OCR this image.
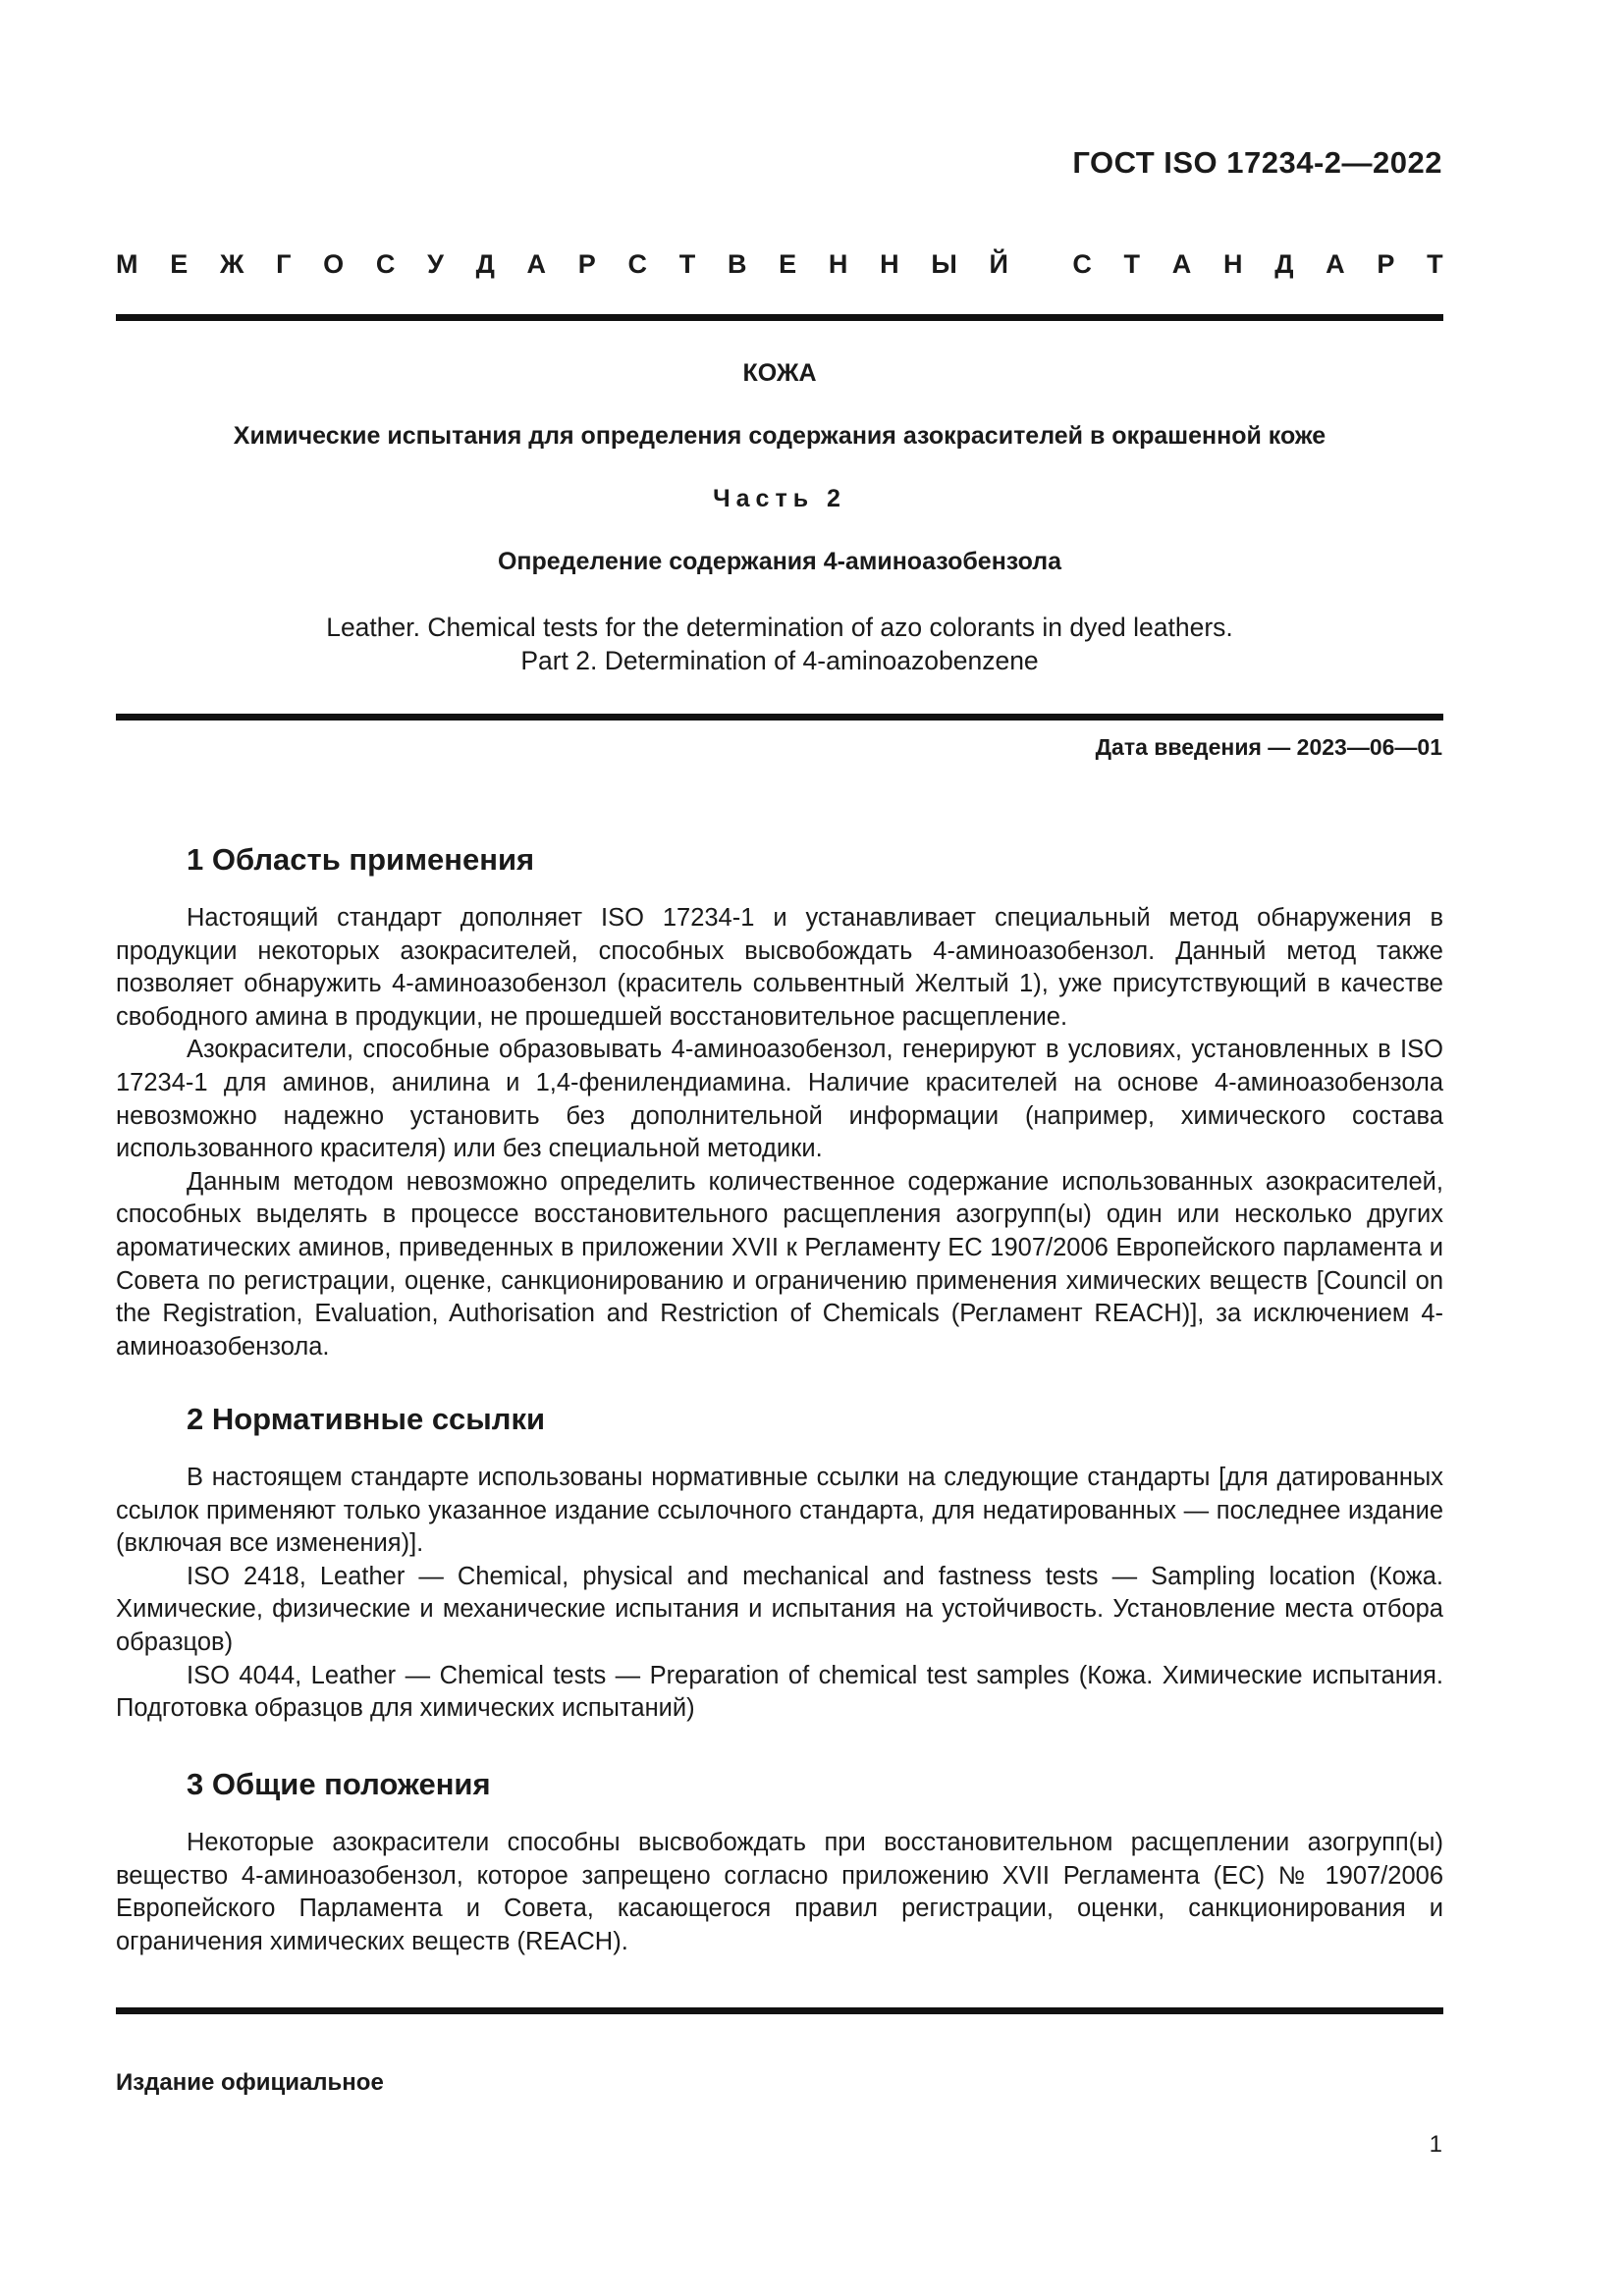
ГОСТ ISO 17234-2—2022
М Е Ж Г О С У Д А Р С Т В Е Н Н Ы Й С Т А Н Д А Р Т
КОЖА
Химические испытания для определения содержания азокрасителей в окрашенной коже
Часть 2
Определение содержания 4-аминоазобензола
Leather. Chemical tests for the determination of azo colorants in dyed leathers.
Part 2. Determination of 4-aminoazobenzene
Дата введения — 2023—06—01
1 Область применения

Настоящий стандарт дополняет ISO 17234-1 и устанавливает специальный метод обнаружения в продукции некоторых азокрасителей, способных высвобождать 4-аминоазобензол. Данный метод также позволяет обнаружить 4-аминоазобензол (краситель сольвентный Желтый 1), уже присутствующий в качестве свободного амина в продукции, не прошедшей восстановительное расщепление.

Азокрасители, способные образовывать 4-аминоазобензол, генерируют в условиях, установленных в ISO 17234-1 для аминов, анилина и 1,4-фенилендиамина. Наличие красителей на основе 4-аминоазобензола невозможно надежно установить без дополнительной информации (например, химического состава использованного красителя) или без специальной методики.

Данным методом невозможно определить количественное содержание использованных азокрасителей, способных выделять в процессе восстановительного расщепления азогрупп(ы) один или несколько других ароматических аминов, приведенных в приложении XVII к Регламенту ЕС 1907/2006 Европейского парламента и Совета по регистрации, оценке, санкционированию и ограничению применения химических веществ [Council on the Registration, Evaluation, Authorisation and Restriction of Chemicals (Регламент REACH)], за исключением 4-аминоазобензола.

2 Нормативные ссылки

В настоящем стандарте использованы нормативные ссылки на следующие стандарты [для датированных ссылок применяют только указанное издание ссылочного стандарта, для недатированных — последнее издание (включая все изменения)].

ISO 2418, Leather — Chemical, physical and mechanical and fastness tests — Sampling location (Кожа. Химические, физические и механические испытания и испытания на устойчивость. Установление места отбора образцов)

ISO 4044, Leather — Chemical tests — Preparation of chemical test samples (Кожа. Химические испытания. Подготовка образцов для химических испытаний)

3 Общие положения

Некоторые азокрасители способны высвобождать при восстановительном расщеплении азогрупп(ы) вещество 4-аминоазобензол, которое запрещено согласно приложению XVII Регламента (ЕС) № 1907/2006 Европейского Парламента и Совета, касающегося правил регистрации, оценки, санкционирования и ограничения химических веществ (REACH).

Издание официальное
1
